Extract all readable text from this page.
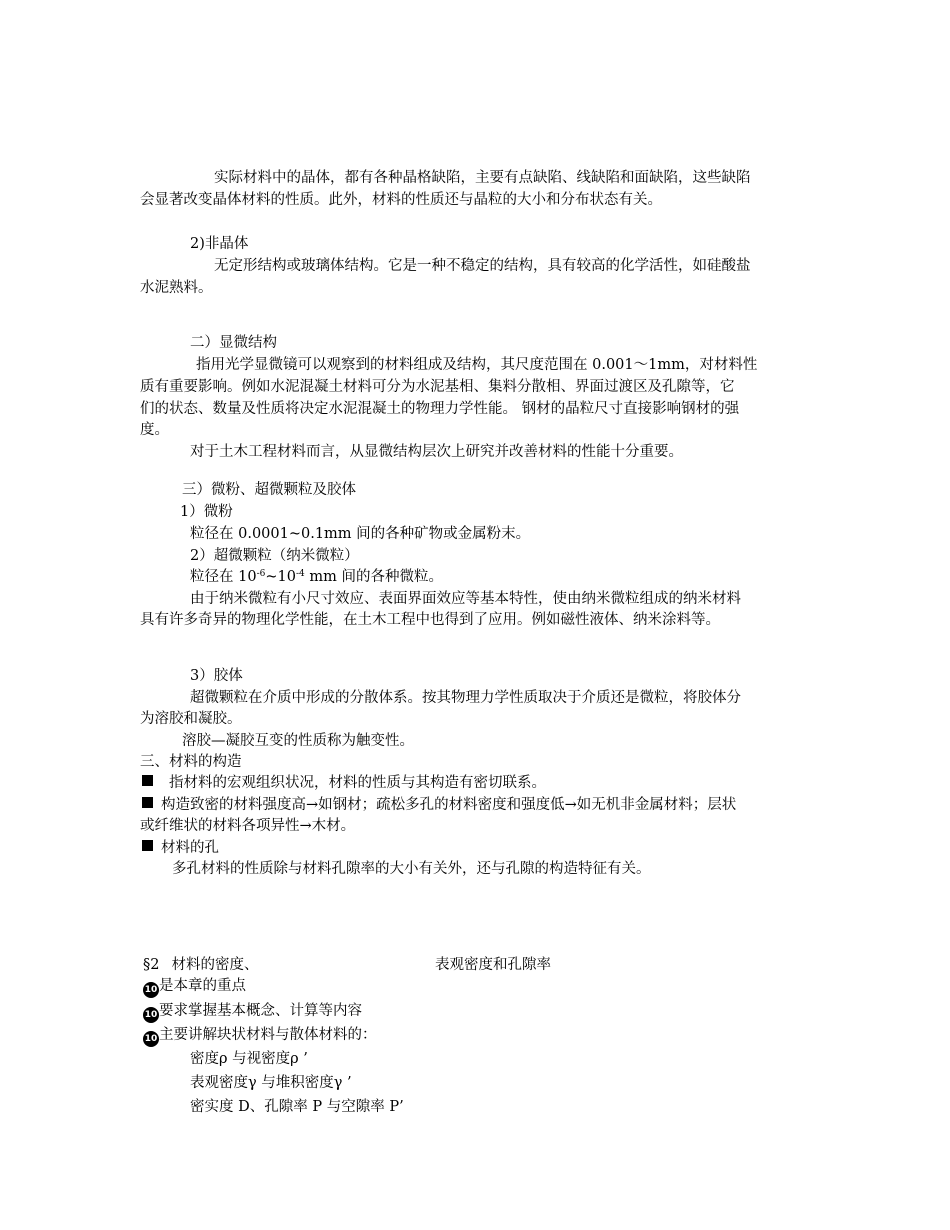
实际材料中的晶体，都有各种晶格缺陷，主要有点缺陷、线缺陷和面缺陷，这些缺陷
会显著改变晶体材料的性质。此外，材料的性质还与晶粒的大小和分布状态有关。
2)非晶体
无定形结构或玻璃体结构。它是一种不稳定的结构，具有较高的化学活性，如硅酸盐
水泥熟料。
二）显微结构
指用光学显微镜可以观察到的材料组成及结构，其尺度范围在 0.001～1mm，对材料性
质有重要影响。例如水泥混凝土材料可分为水泥基相、集料分散相、界面过渡区及孔隙等，它
们的状态、数量及性质将决定水泥混凝土的物理力学性能。 钢材的晶粒尺寸直接影响钢材的强
度。
对于土木工程材料而言，从显微结构层次上研究并改善材料的性能十分重要。
三）微粉、超微颗粒及胶体
1）微粉
粒径在 0.0001~0.1mm 间的各种矿物或金属粉末。
2）超微颗粒（纳米微粒）
粒径在 $10^{-6}\sim 10^{-4}$ mm 间的各种微粒。
由于纳米微粒有小尺寸效应、表面界面效应等基本特性，使由纳米微粒组成的纳米材料
具有许多奇异的物理化学性能，在土木工程中也得到了应用。例如磁性液体、纳米涂料等。
3）胶体
超微颗粒在介质中形成的分散体系。按其物理力学性质取决于介质还是微粒，将胶体分
为溶胶和凝胶。
溶胶—凝胶互变的性质称为触变性。
三、材料的构造
指材料的宏观组织状况，材料的性质与其构造有密切联系。
构造致密的材料强度高→如钢材；疏松多孔的材料密度和强度低→如无机非金属材料；层状
或纤维状的材料各项异性→木材。
材料的孔
多孔材料的性质除与材料孔隙率的大小有关外，还与孔隙的构造特征有关。
§2 材料的密度、	表观密度和孔隙率
10 是本章的重点
10 要求掌握基本概念、计算等内容
10 主要讲解块状材料与散体材料的：
密度ρ 与视密度ρ ’
表观密度γ 与堆积密度γ ’
密实度 D、孔隙率 P 与空隙率 P’
